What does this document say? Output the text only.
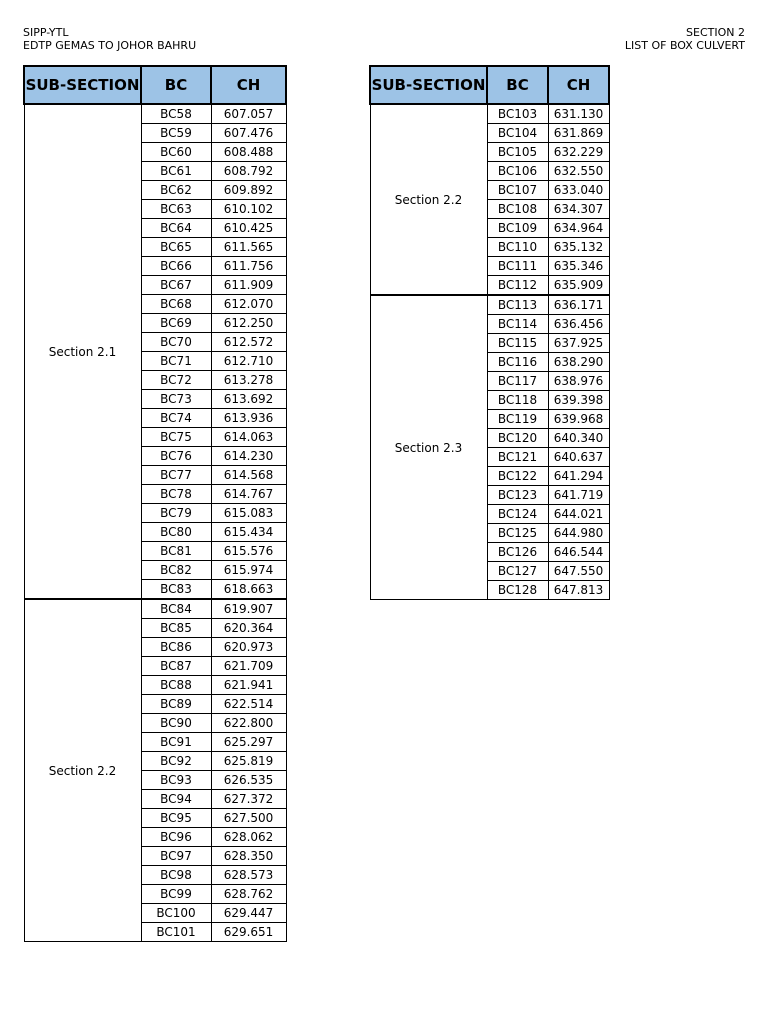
SIPP-YTL
EDTP GEMAS TO JOHOR BAHRU
SECTION 2
LIST OF BOX CULVERT
SUB-SECTION	BC	CH
Section 2.1	BC58	607.057
	BC59	607.476
	BC60	608.488
	BC61	608.792
	BC62	609.892
	BC63	610.102
	BC64	610.425
	BC65	611.565
	BC66	611.756
	BC67	611.909
	BC68	612.070
	BC69	612.250
	BC70	612.572
	BC71	612.710
	BC72	613.278
	BC73	613.692
	BC74	613.936
	BC75	614.063
	BC76	614.230
	BC77	614.568
	BC78	614.767
	BC79	615.083
	BC80	615.434
	BC81	615.576
	BC82	615.974
	BC83	618.663
Section 2.2	BC84	619.907
	BC85	620.364
	BC86	620.973
	BC87	621.709
	BC88	621.941
	BC89	622.514
	BC90	622.800
	BC91	625.297
	BC92	625.819
	BC93	626.535
	BC94	627.372
	BC95	627.500
	BC96	628.062
	BC97	628.350
	BC98	628.573
	BC99	628.762
	BC100	629.447
	BC101	629.651
SUB-SECTION	BC	CH
Section 2.2	BC103	631.130
	BC104	631.869
	BC105	632.229
	BC106	632.550
	BC107	633.040
	BC108	634.307
	BC109	634.964
	BC110	635.132
	BC111	635.346
	BC112	635.909
Section 2.3	BC113	636.171
	BC114	636.456
	BC115	637.925
	BC116	638.290
	BC117	638.976
	BC118	639.398
	BC119	639.968
	BC120	640.340
	BC121	640.637
	BC122	641.294
	BC123	641.719
	BC124	644.021
	BC125	644.980
	BC126	646.544
	BC127	647.550
	BC128	647.813
